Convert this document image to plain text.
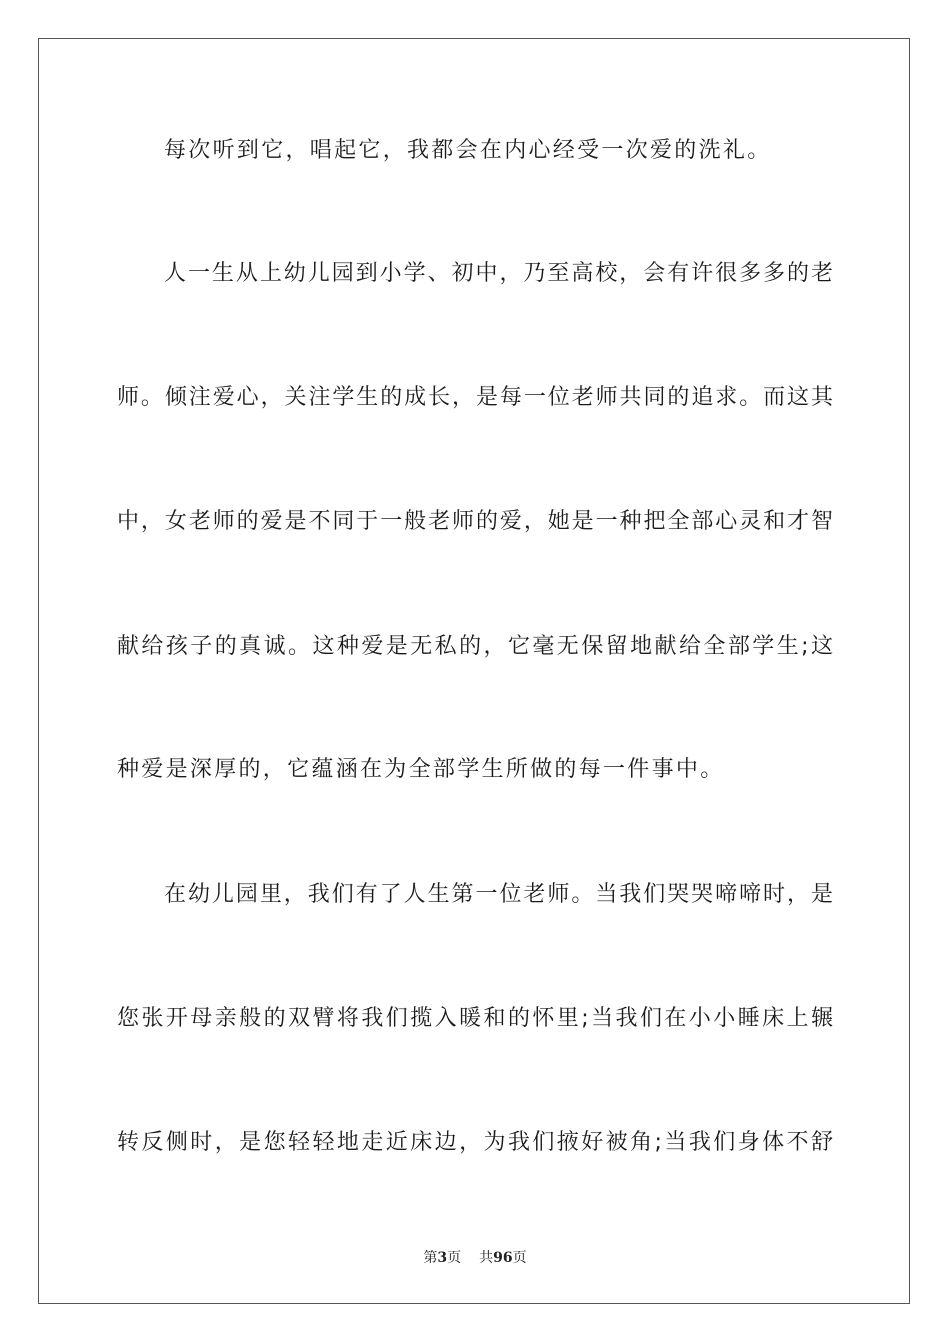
每次听到它，唱起它，我都会在内心经受一次爱的洗礼。
人一生从上幼儿园到小学、初中，乃至高校，会有许很多多的老
师。倾注爱心，关注学生的成长，是每一位老师共同的追求。而这其
中，女老师的爱是不同于一般老师的爱，她是一种把全部心灵和才智
献给孩子的真诚。这种爱是无私的，它毫无保留地献给全部学生;这
种爱是深厚的，它蕴涵在为全部学生所做的每一件事中。
在幼儿园里，我们有了人生第一位老师。当我们哭哭啼啼时，是
您张开母亲般的双臂将我们揽入暖和的怀里;当我们在小小睡床上辗
转反侧时，是您轻轻地走近床边，为我们掖好被角;当我们身体不舒
第3页 共96页
